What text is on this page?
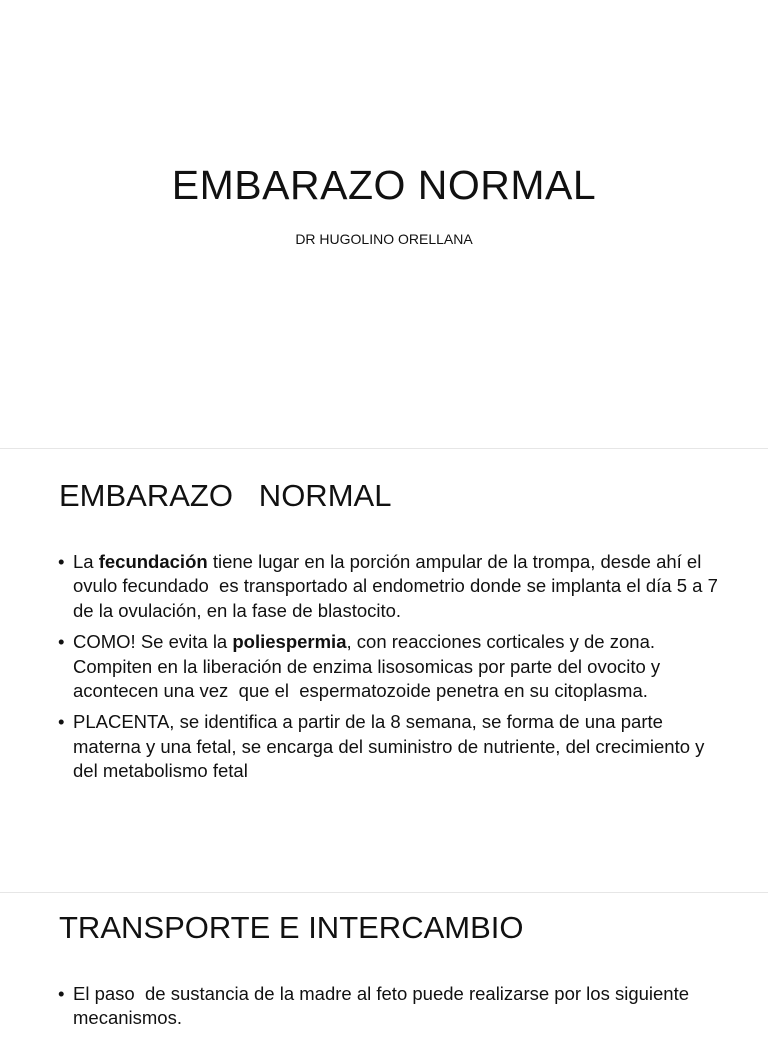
EMBARAZO NORMAL

DR HUGOLINO ORELLANA

EMBARAZO   NORMAL
• La fecundación tiene lugar en la porción ampular de la trompa, desde ahí el ovulo fecundado  es transportado al endometrio donde se implanta el día 5 a 7 de la ovulación, en la fase de blastocito.
• COMO! Se evita la poliespermia, con reacciones corticales y de zona. Compiten en la liberación de enzima lisosomicas por parte del ovocito y acontecen una vez  que el  espermatozoide penetra en su citoplasma.
• PLACENTA, se identifica a partir de la 8 semana, se forma de una parte materna y una fetal, se encarga del suministro de nutriente, del crecimiento y del metabolismo fetal
TRANSPORTE E INTERCAMBIO
• El paso  de sustancia de la madre al feto puede realizarse por los siguiente mecanismos.
